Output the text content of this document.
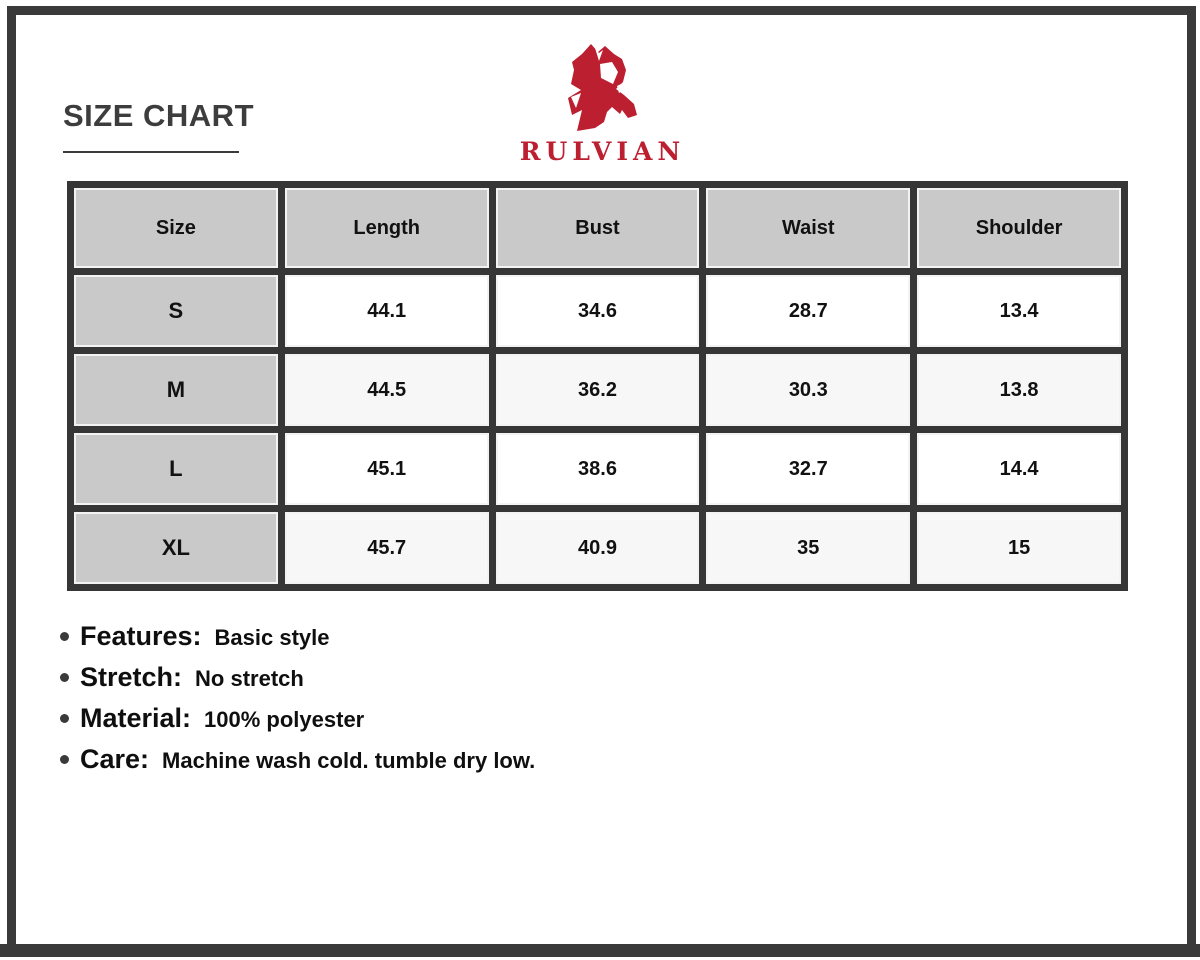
SIZE CHART
RULVIAN
Size	Length	Bust	Waist	Shoulder
S	44.1	34.6	28.7	13.4
M	44.5	36.2	30.3	13.8
L	45.1	38.6	32.7	14.4
XL	45.7	40.9	35	15
Features: Basic style
Stretch: No stretch
Material: 100% polyester
Care: Machine wash cold. tumble dry low.
